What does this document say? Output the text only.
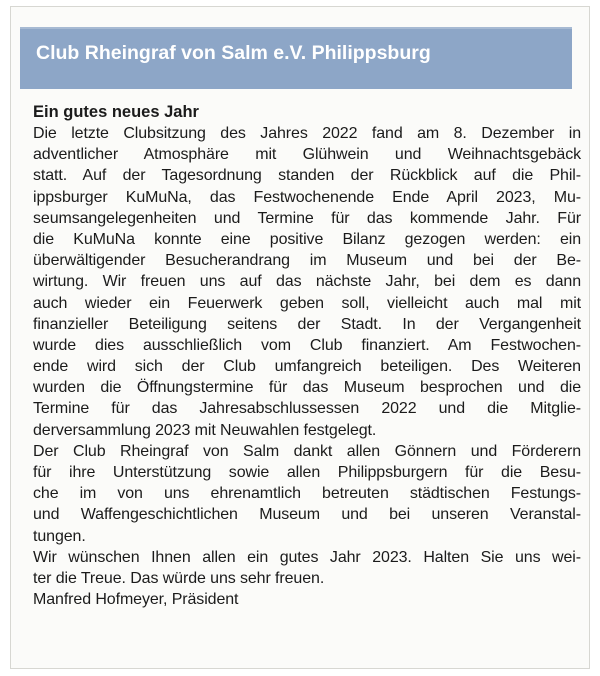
Club Rheingraf von Salm e.V. Philippsburg
Ein gutes neues Jahr
Die letzte Clubsitzung des Jahres 2022 fand am 8. Dezember in
adventlicher Atmosphäre mit Glühwein und Weihnachtsgebäck
statt. Auf der Tagesordnung standen der Rückblick auf die Phil-
ippsburger KuMuNa, das Festwochenende Ende April 2023, Mu-
seumsangelegenheiten und Termine für das kommende Jahr. Für
die KuMuNa konnte eine positive Bilanz gezogen werden: ein
überwältigender Besucherandrang im Museum und bei der Be-
wirtung. Wir freuen uns auf das nächste Jahr, bei dem es dann
auch wieder ein Feuerwerk geben soll, vielleicht auch mal mit
finanzieller Beteiligung seitens der Stadt. In der Vergangenheit
wurde dies ausschließlich vom Club finanziert. Am Festwochen-
ende wird sich der Club umfangreich beteiligen. Des Weiteren
wurden die Öffnungstermine für das Museum besprochen und die
Termine für das Jahresabschlussessen 2022 und die Mitglie-
derversammlung 2023 mit Neuwahlen festgelegt.
Der Club Rheingraf von Salm dankt allen Gönnern und Förderern
für ihre Unterstützung sowie allen Philippsburgern für die Besu-
che im von uns ehrenamtlich betreuten städtischen Festungs-
und Waffengeschichtlichen Museum und bei unseren Veranstal-
tungen.
Wir wünschen Ihnen allen ein gutes Jahr 2023. Halten Sie uns wei-
ter die Treue. Das würde uns sehr freuen.
Manfred Hofmeyer, Präsident
